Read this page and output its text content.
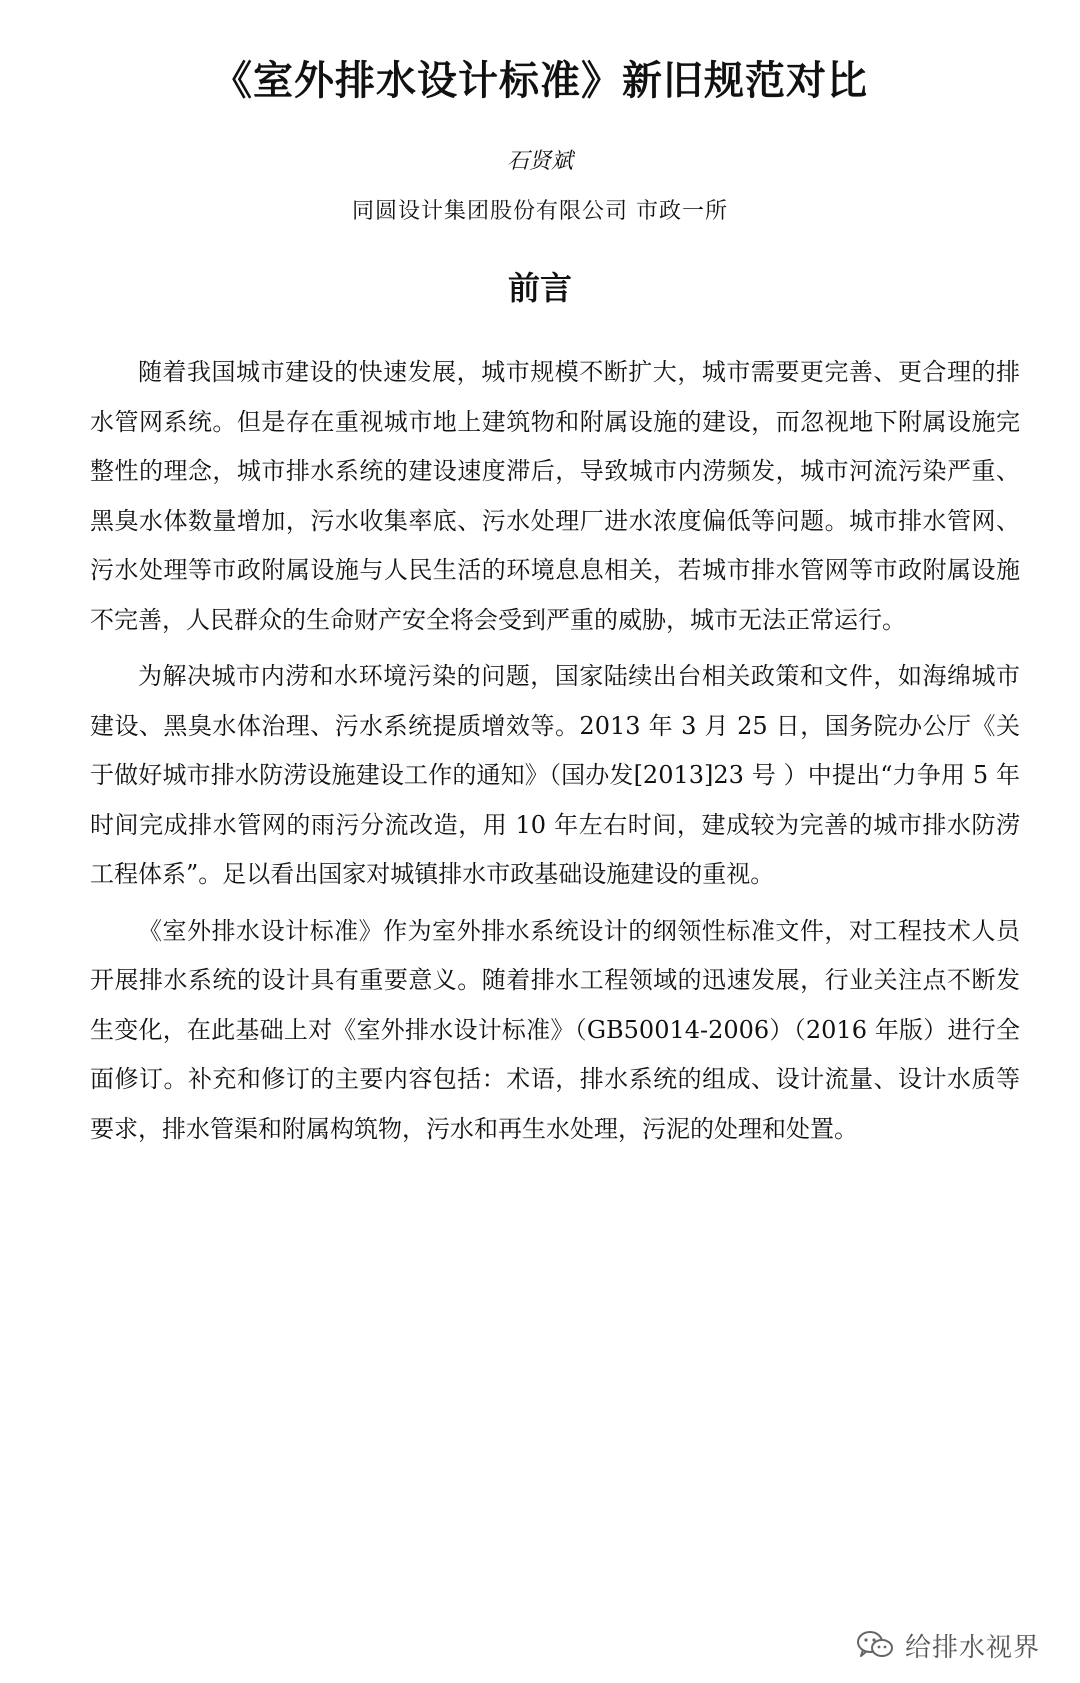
《室外排水设计标准》新旧规范对比
石贤斌
同圆设计集团股份有限公司 市政一所
前言

随着我国城市建设的快速发展，城市规模不断扩大，城市需要更完善、更合理的排水管网系统。但是存在重视城市地上建筑物和附属设施的建设，而忽视地下附属设施完整性的理念，城市排水系统的建设速度滞后，导致城市内涝频发，城市河流污染严重、黑臭水体数量增加，污水收集率底、污水处理厂进水浓度偏低等问题。城市排水管网、污水处理等市政附属设施与人民生活的环境息息相关，若城市排水管网等市政附属设施不完善，人民群众的生命财产安全将会受到严重的威胁，城市无法正常运行。

为解决城市内涝和水环境污染的问题，国家陆续出台相关政策和文件，如海绵城市建设、黑臭水体治理、污水系统提质增效等。2013 年 3 月 25 日，国务院办公厅《关于做好城市排水防涝设施建设工作的通知》（国办发[2013]23 号 ）中提出“力争用 5 年时间完成排水管网的雨污分流改造，用 10 年左右时间，建成较为完善的城市排水防涝工程体系”。足以看出国家对城镇排水市政基础设施建设的重视。

《室外排水设计标准》作为室外排水系统设计的纲领性标准文件，对工程技术人员开展排水系统的设计具有重要意义。随着排水工程领域的迅速发展，行业关注点不断发生变化，在此基础上对《室外排水设计标准》（GB50014-2006）（2016 年版）进行全面修订。补充和修订的主要内容包括：术语，排水系统的组成、设计流量、设计水质等要求，排水管渠和附属构筑物，污水和再生水处理，污泥的处理和处置。

给排水视界
